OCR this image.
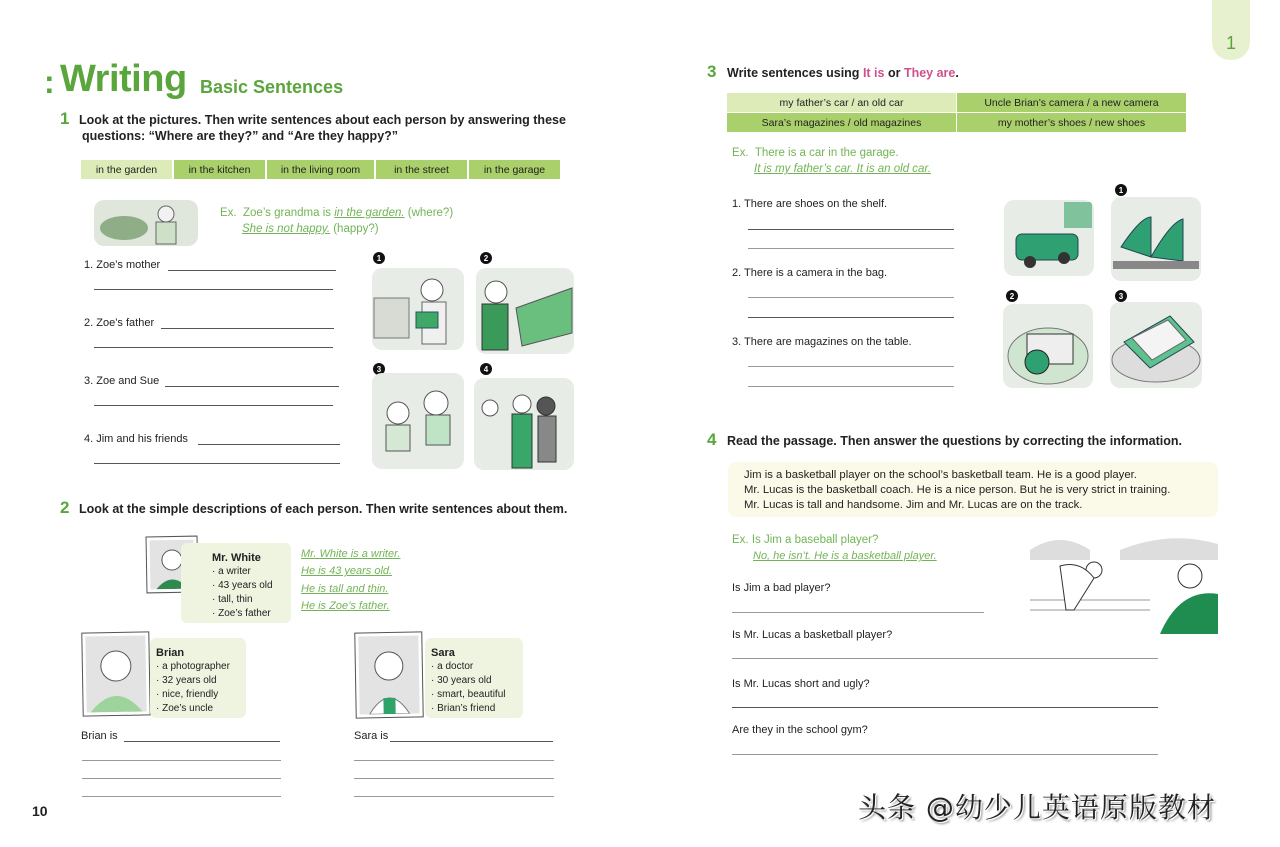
1
: Writing Basic Sentences
1 Look at the pictures. Then write sentences about each person by answering these
questions: “Where are they?” and “Are they happy?”
in the garden	in the kitchen	in the living room	in the street	in the garage
Ex. Zoe’s grandma is in the garden. (where?)
She is not happy. (happy?)
1. Zoe’s mother
2. Zoe’s father
3. Zoe and Sue
4. Jim and his friends
1	2
3	4
2 Look at the simple descriptions of each person. Then write sentences about them.
Mr. White
· a writer
· 43 years old
· tall, thin
· Zoe’s father
Mr. White is a writer.
He is 43 years old.
He is tall and thin.
He is Zoe’s father.
Brian
· a photographer
· 32 years old
· nice, friendly
· Zoe’s uncle
Brian is
Sara
· a doctor
· 30 years old
· smart, beautiful
· Brian’s friend
Sara is
10
3 Write sentences using It is or They are.
my father’s car / an old car	Uncle Brian’s camera / a new camera
Sara’s magazines / old magazines	my mother’s shoes / new shoes
Ex. There is a car in the garage.
It is my father’s car. It is an old car.
1. There are shoes on the shelf.
2. There is a camera in the bag.
3. There are magazines on the table.
1
2	3
4 Read the passage. Then answer the questions by correcting the information.
Jim is a basketball player on the school’s basketball team. He is a good player.
Mr. Lucas is the basketball coach. He is a nice person. But he is very strict in training.
Mr. Lucas is tall and handsome. Jim and Mr. Lucas are on the track.
Ex. Is Jim a baseball player?
No, he isn’t. He is a basketball player.
Is Jim a bad player?
Is Mr. Lucas a basketball player?
Is Mr. Lucas short and ugly?
Are they in the school gym?
头条 @幼少儿英语原版教材
